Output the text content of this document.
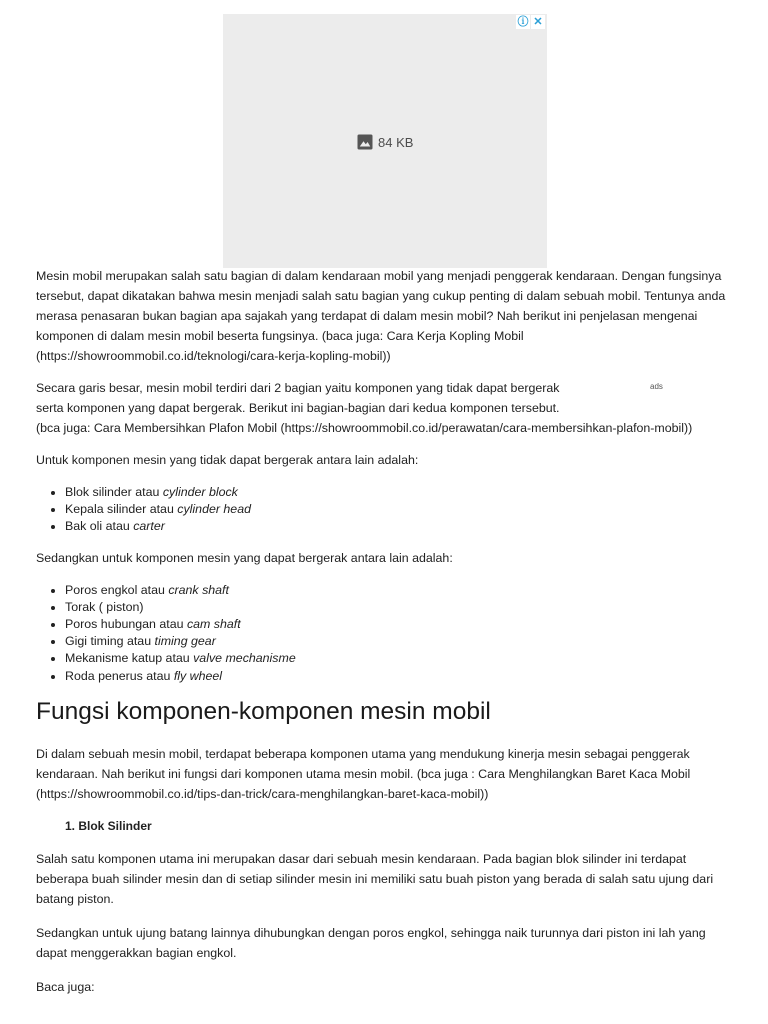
ⓘ ✕
84 KB

Mesin mobil merupakan salah satu bagian di dalam kendaraan mobil yang menjadi penggerak kendaraan. Dengan fungsinya tersebut, dapat dikatakan bahwa mesin menjadi salah satu bagian yang cukup penting di dalam sebuah mobil. Tentunya anda merasa penasaran bukan bagian apa sajakah yang terdapat di dalam mesin mobil? Nah berikut ini penjelasan mengenai komponen di dalam mesin mobil beserta fungsinya. (baca juga: Cara Kerja Kopling Mobil (https://showroommobil.co.id/teknologi/cara-kerja-kopling-mobil))

Secara garis besar, mesin mobil terdiri dari 2 bagian yaitu komponen yang tidak dapat bergerak

serta komponen yang dapat bergerak. Berikut ini bagian-bagian dari kedua komponen tersebut.

(bca juga: Cara Membersihkan Plafon Mobil (https://showroommobil.co.id/perawatan/cara-membersihkan-plafon-mobil))

ads

Untuk komponen mesin yang tidak dapat bergerak antara lain adalah:

• Blok silinder atau cylinder block
• Kepala silinder atau cylinder head
• Bak oli atau carter

Sedangkan untuk komponen mesin yang dapat bergerak antara lain adalah:

• Poros engkol atau crank shaft
• Torak ( piston)
• Poros hubungan atau cam shaft
• Gigi timing atau timing gear
• Mekanisme katup atau valve mechanisme
• Roda penerus atau fly wheel
Fungsi komponen-komponen mesin mobil

Di dalam sebuah mesin mobil, terdapat beberapa komponen utama yang mendukung kinerja mesin sebagai penggerak kendaraan. Nah berikut ini fungsi dari komponen utama mesin mobil. (bca juga : Cara Menghilangkan Baret Kaca Mobil (https://showroommobil.co.id/tips-dan-trick/cara-menghilangkan-baret-kaca-mobil))

1. Blok Silinder

Salah satu komponen utama ini merupakan dasar dari sebuah mesin kendaraan. Pada bagian blok silinder ini terdapat beberapa buah silinder mesin dan di setiap silinder mesin ini memiliki satu buah piston yang berada di salah satu ujung dari batang piston.

Sedangkan untuk ujung batang lainnya dihubungkan dengan poros engkol, sehingga naik turunnya dari piston ini lah yang dapat menggerakkan bagian engkol.

Baca juga:
